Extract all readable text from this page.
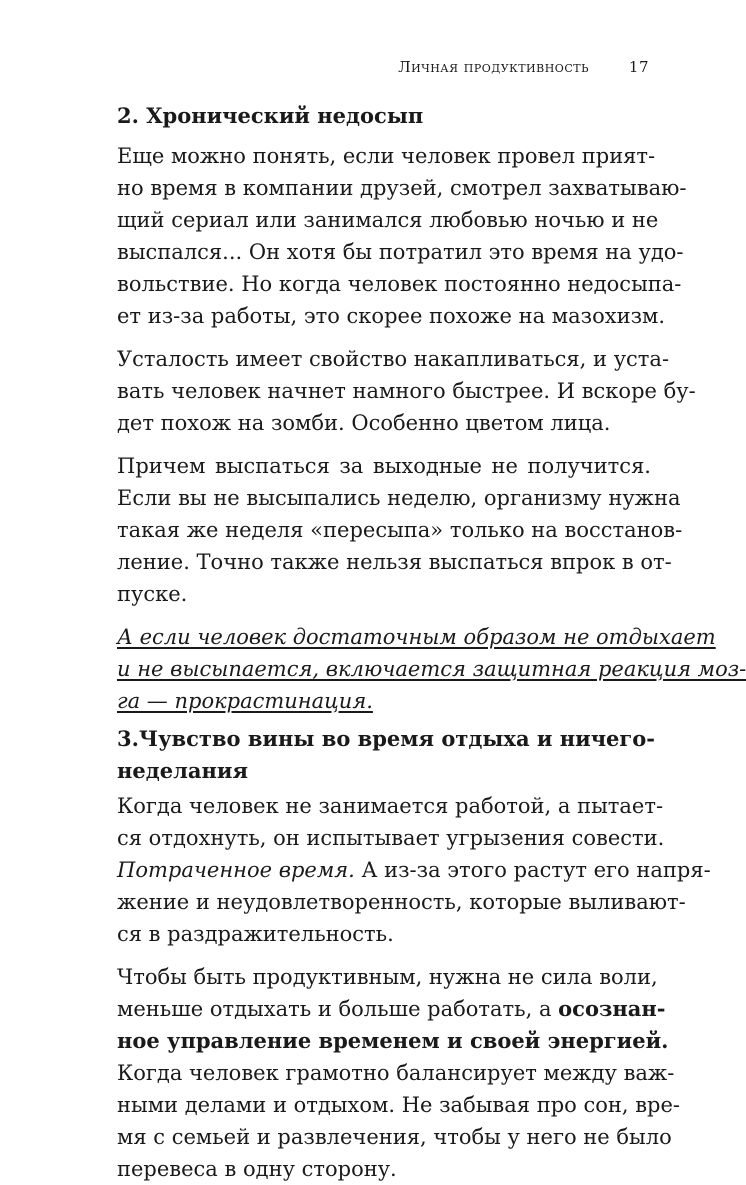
Личная продуктивность	17
2. Хронический недосып
Еще можно понять, если человек провел прият-
но время в компании друзей, смотрел захватываю-
щий сериал или занимался любовью ночью и не
выспался... Он хотя бы потратил это время на удо-
вольствие. Но когда человек постоянно недосыпа-
ет из-за работы, это скорее похоже на мазохизм.
Усталость имеет свойство накапливаться, и уста-
вать человек начнет намного быстрее. И вскоре бу-
дет похож на зомби. Особенно цветом лица.
Причем выспаться за выходные не получится.
Если вы не высыпались неделю, организму нужна
такая же неделя «пересыпа» только на восстанов-
ление. Точно также нельзя выспаться впрок в от-
пуске.
А если человек достаточным образом не отдыхает
и не высыпается, включается защитная реакция моз-
га — прокрастинация.
3.Чувство вины во время отдыха и ничего-
неделания
Когда человек не занимается работой, а пытает-
ся отдохнуть, он испытывает угрызения совести.
Потраченное время. А из-за этого растут его напря-
жение и неудовлетворенность, которые выливают-
ся в раздражительность.
Чтобы быть продуктивным, нужна не сила воли,
меньше отдыхать и больше работать, а осознан-
ное управление временем и своей энергией.
Когда человек грамотно балансирует между важ-
ными делами и отдыхом. Не забывая про сон, вре-
мя с семьей и развлечения, чтобы у него не было
перевеса в одну сторону.
